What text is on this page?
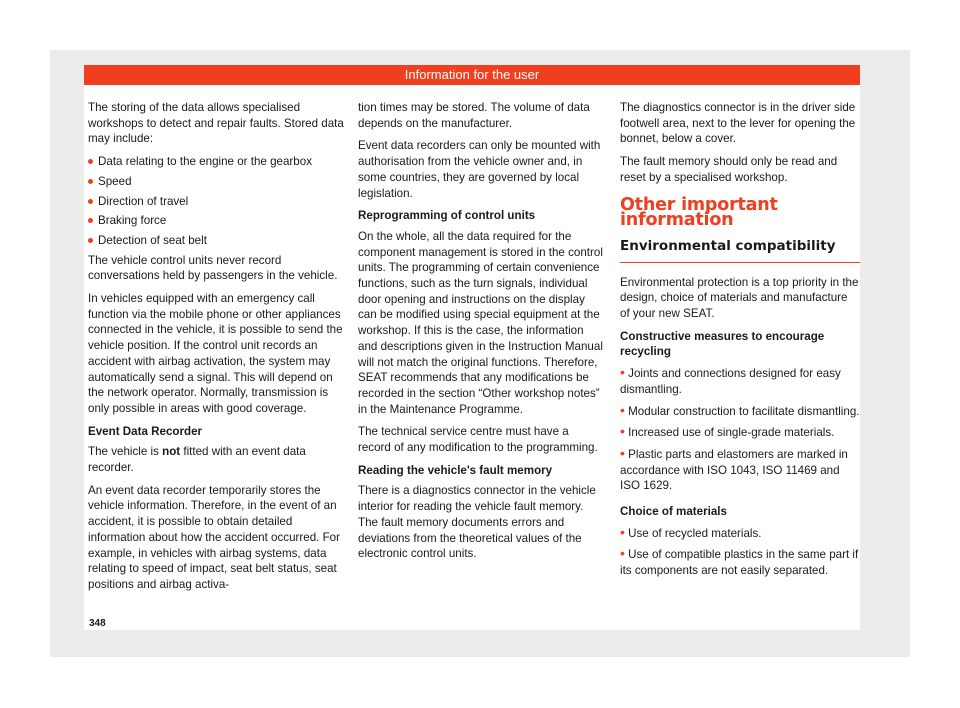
Information for the user

The storing of the data allows specialised workshops to detect and repair faults. Stored data may include:

Data relating to the engine or the gearbox
Speed
Direction of travel
Braking force
Detection of seat belt

The vehicle control units never record conversations held by passengers in the vehicle.

In vehicles equipped with an emergency call function via the mobile phone or other appliances connected in the vehicle, it is possible to send the vehicle position. If the control unit records an accident with airbag activation, the system may automatically send a signal. This will depend on the network operator. Normally, transmission is only possible in areas with good coverage.

Event Data Recorder

The vehicle is not fitted with an event data recorder.

An event data recorder temporarily stores the vehicle information. Therefore, in the event of an accident, it is possible to obtain detailed information about how the accident occurred. For example, in vehicles with airbag systems, data relating to speed of impact, seat belt status, seat positions and airbag activa-

tion times may be stored. The volume of data depends on the manufacturer.

Event data recorders can only be mounted with authorisation from the vehicle owner and, in some countries, they are governed by local legislation.

Reprogramming of control units

On the whole, all the data required for the component management is stored in the control units. The programming of certain convenience functions, such as the turn signals, individual door opening and instructions on the display can be modified using special equipment at the workshop. If this is the case, the information and descriptions given in the Instruction Manual will not match the original functions. Therefore, SEAT recommends that any modifications be recorded in the section “Other workshop notes” in the Maintenance Programme.

The technical service centre must have a record of any modification to the programming.

Reading the vehicle's fault memory

There is a diagnostics connector in the vehicle interior for reading the vehicle fault memory. The fault memory documents errors and deviations from the theoretical values of the electronic control units.

The diagnostics connector is in the driver side footwell area, next to the lever for opening the bonnet, below a cover.

The fault memory should only be read and reset by a specialised workshop.

Other important information
Environmental compatibility

Environmental protection is a top priority in the design, choice of materials and manufacture of your new SEAT.

Constructive measures to encourage recycling

• Joints and connections designed for easy dismantling.

• Modular construction to facilitate dismantling.

• Increased use of single-grade materials.

• Plastic parts and elastomers are marked in accordance with ISO 1043, ISO 11469 and ISO 1629.

Choice of materials

• Use of recycled materials.

• Use of compatible plastics in the same part if its components are not easily separated.

348
